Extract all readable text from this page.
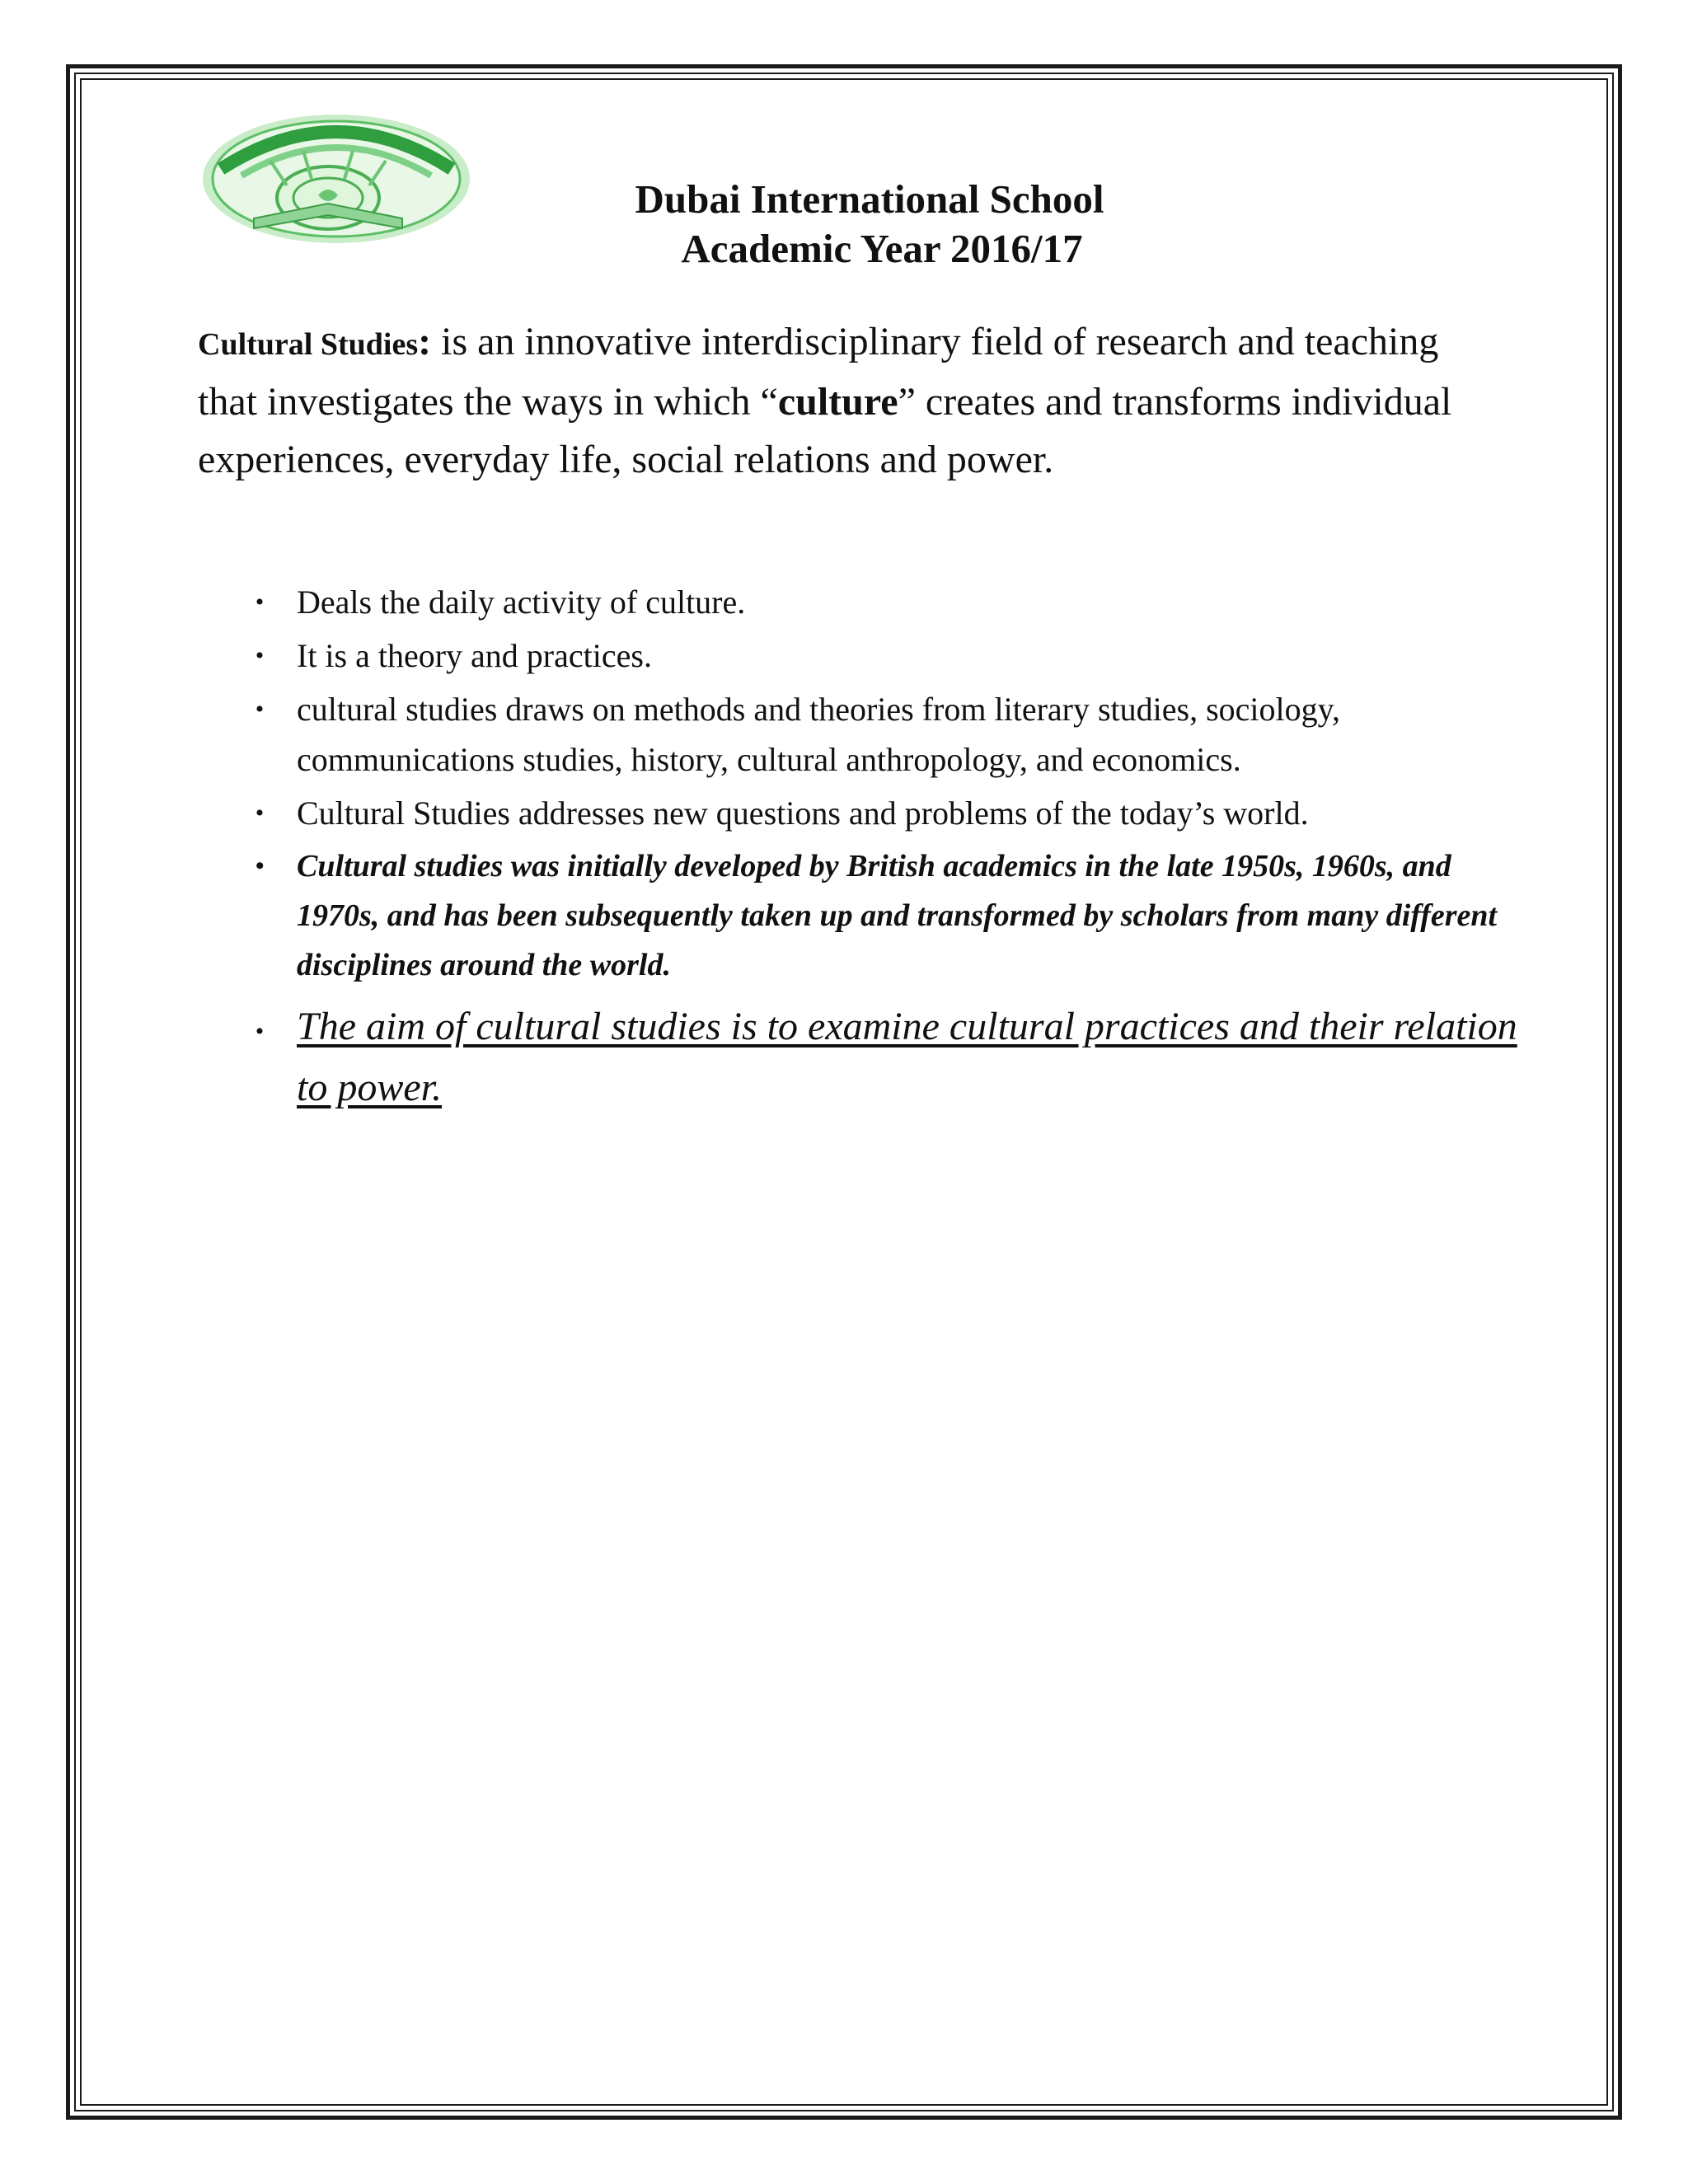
Dubai International School

Academic Year 2016/17

Cultural Studies: is an innovative interdisciplinary field of research and teaching that investigates the ways in which “culture” creates and transforms individual experiences, everyday life, social relations and power.

• Deals the daily activity of culture.
• It is a theory and practices.
• cultural studies draws on methods and theories from literary studies, sociology, communications studies, history, cultural anthropology, and economics.
• Cultural Studies addresses new questions and problems of the today’s world.
• Cultural studies was initially developed by British academics in the late 1950s, 1960s, and 1970s, and has been subsequently taken up and transformed by scholars from many different disciplines around the world.
• The aim of cultural studies is to examine cultural practices and their relation to power.
